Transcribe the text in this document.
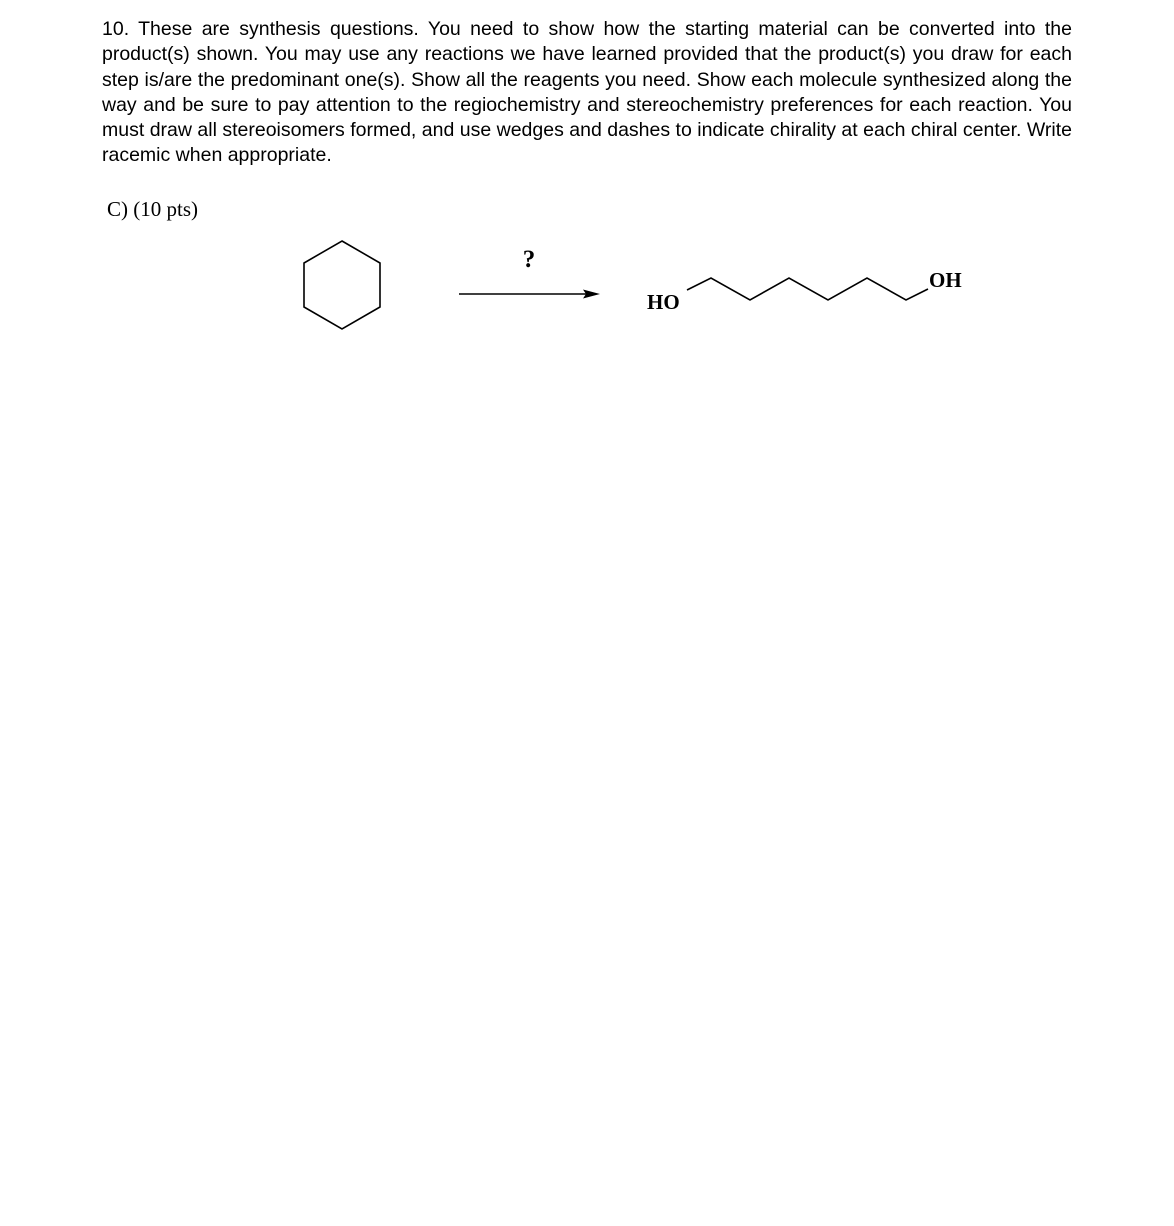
10. These are synthesis questions. You need to show how the starting material can be converted into the product(s) shown. You may use any reactions we have learned provided that the product(s) you draw for each step is/are the predominant one(s). Show all the reagents you need. Show each molecule synthesized along the way and be sure to pay attention to the regiochemistry and stereochemistry preferences for each reaction. You must draw all stereoisomers formed, and use wedges and dashes to indicate chirality at each chiral center. Write racemic when appropriate.

C) (10 pts)

?
HO
OH
